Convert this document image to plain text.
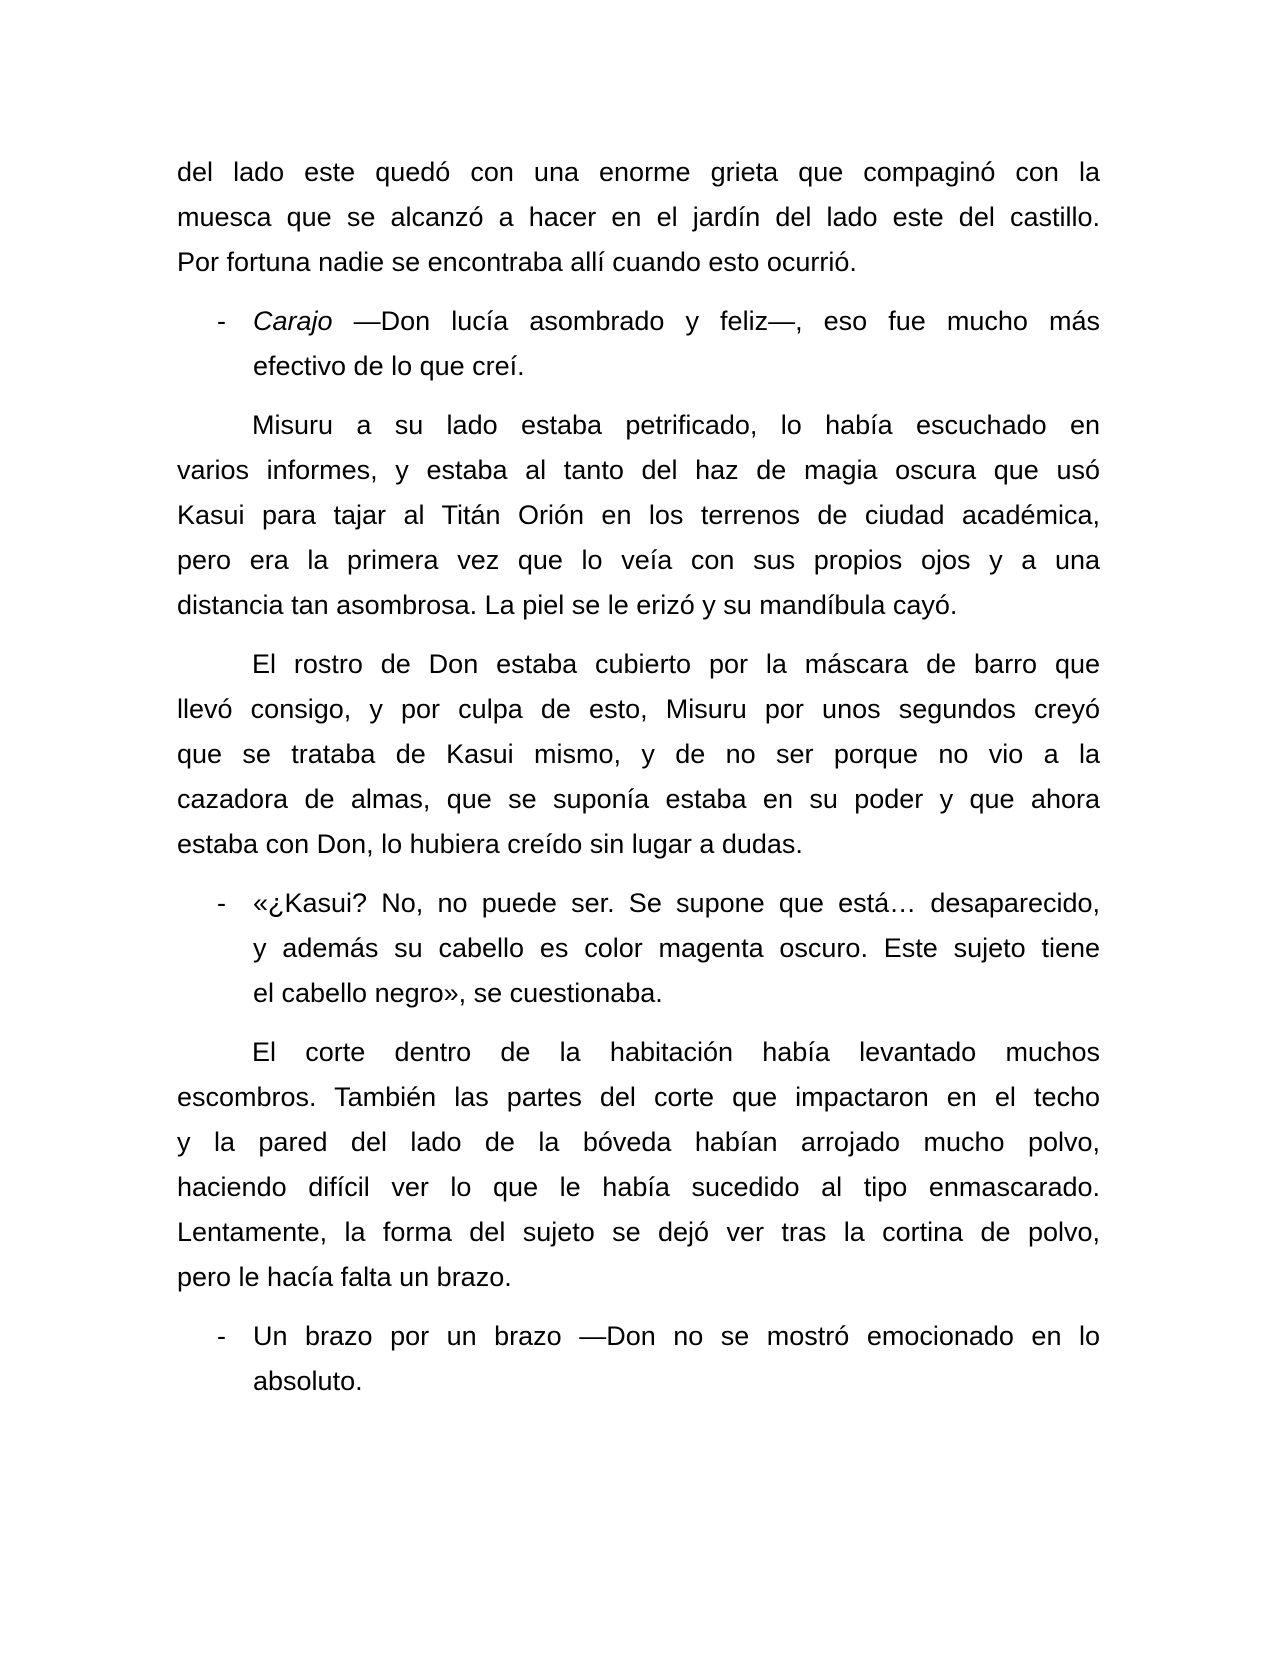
del lado este quedó con una enorme grieta que compaginó con la
muesca que se alcanzó a hacer en el jardín del lado este del castillo.
Por fortuna nadie se encontraba allí cuando esto ocurrió.
- Carajo —Don lucía asombrado y feliz—, eso fue mucho más
efectivo de lo que creí.
Misuru a su lado estaba petrificado, lo había escuchado en
varios informes, y estaba al tanto del haz de magia oscura que usó
Kasui para tajar al Titán Orión en los terrenos de ciudad académica,
pero era la primera vez que lo veía con sus propios ojos y a una
distancia tan asombrosa. La piel se le erizó y su mandíbula cayó.
El rostro de Don estaba cubierto por la máscara de barro que
llevó consigo, y por culpa de esto, Misuru por unos segundos creyó
que se trataba de Kasui mismo, y de no ser porque no vio a la
cazadora de almas, que se suponía estaba en su poder y que ahora
estaba con Don, lo hubiera creído sin lugar a dudas.
- «¿Kasui? No, no puede ser. Se supone que está… desaparecido,
y además su cabello es color magenta oscuro. Este sujeto tiene
el cabello negro», se cuestionaba.
El corte dentro de la habitación había levantado muchos
escombros. También las partes del corte que impactaron en el techo
y la pared del lado de la bóveda habían arrojado mucho polvo,
haciendo difícil ver lo que le había sucedido al tipo enmascarado.
Lentamente, la forma del sujeto se dejó ver tras la cortina de polvo,
pero le hacía falta un brazo.
- Un brazo por un brazo —Don no se mostró emocionado en lo
absoluto.
